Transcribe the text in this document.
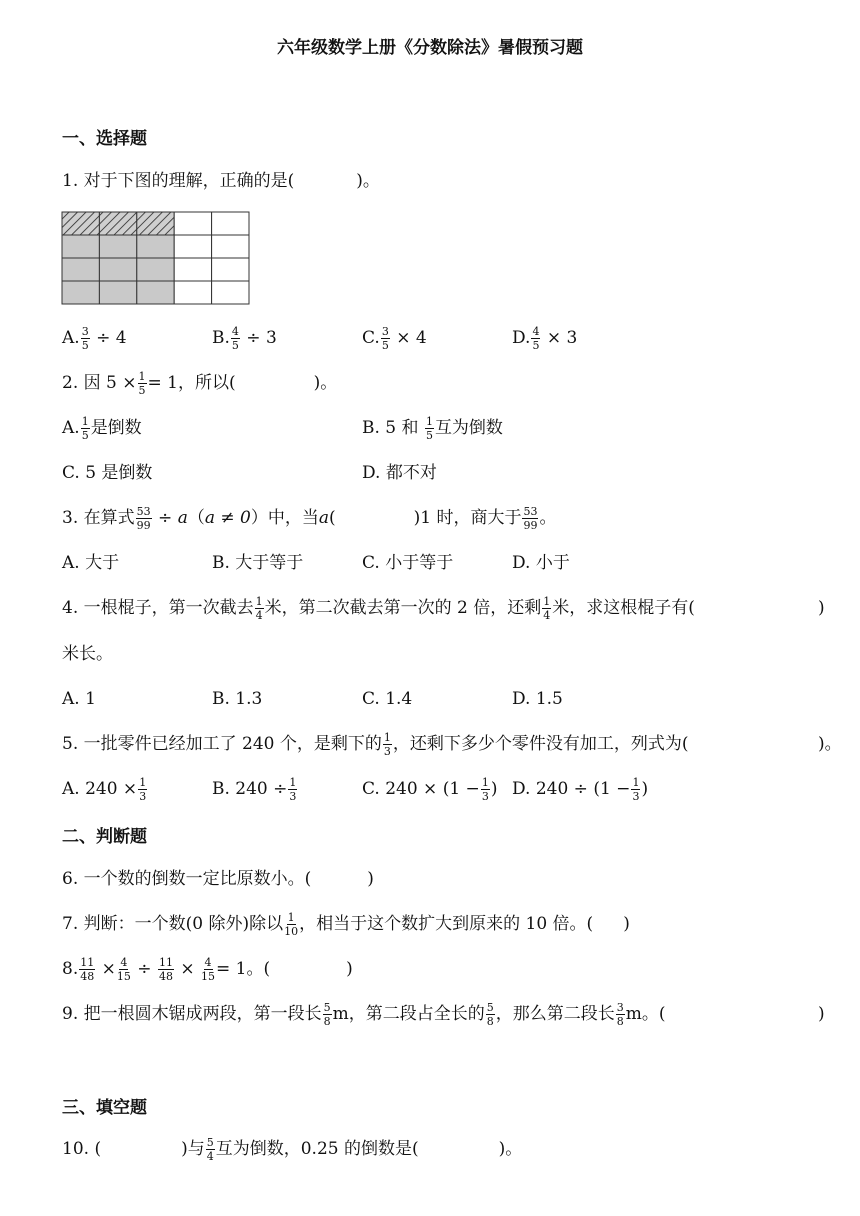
六年级数学上册《分数除法》暑假预习题
一、选择题
1. 对于下图的理解，正确的是(	)。
A. $\frac{3}{5} \div 4$	B. $\frac{4}{5} \div 3$	C. $\frac{3}{5} \times 4$	D. $\frac{4}{5} \times 3$
2. 因 $5 \times \frac{1}{5} = 1$，所以(	)。
A. $\frac{1}{5}$ 是倒数	B. 5 和 $\frac{1}{5}$ 互为倒数
C. 5 是倒数	D. 都不对
3. 在算式 $\frac{53}{99} \div a(a \ne 0)$中，当a(	)1 时，商大于 $\frac{53}{99}$ 。
A. 大于	B. 大于等于	C. 小于等于	D. 小于
4. 一根棍子，第一次截去 $\frac{1}{4}$ 米，第二次截去第一次的 2 倍，还剩 $\frac{1}{4}$ 米，求这根棍子有(	)
米长。
A. 1	B. 1.3	C. 1.4	D. 1.5
5. 一批零件已经加工了 240 个，是剩下的 $\frac{1}{3}$ ，还剩下多少个零件没有加工，列式为(	)。
A. $240 \times \frac{1}{3}$	B. $240 \div \frac{1}{3}$	C. $240 \times (1 - \frac{1}{3}$ ) D. $240 \div (1 - \frac{1}{3}$ )
二、判断题
6. 一个数的倒数一定比原数小。(	)
7. 判断：一个数(0 除外)除以 $\frac{1}{10}$ ，相当于这个数扩大到原来的 10 倍。( )
8. $\frac{11}{48} \times \frac{4}{15} \div \frac{11}{48} \times \frac{4}{15} = 1$。(	)
9. 把一根圆木锯成两段，第一段长 $\frac{5}{8}$ m，第二段占全长的 $\frac{5}{8}$ ，那么第二段长 $\frac{3}{8}$ m。(	)
三、填空题
10. (	)与 $\frac{5}{4}$ 互为倒数，0.25 的倒数是(	)。
